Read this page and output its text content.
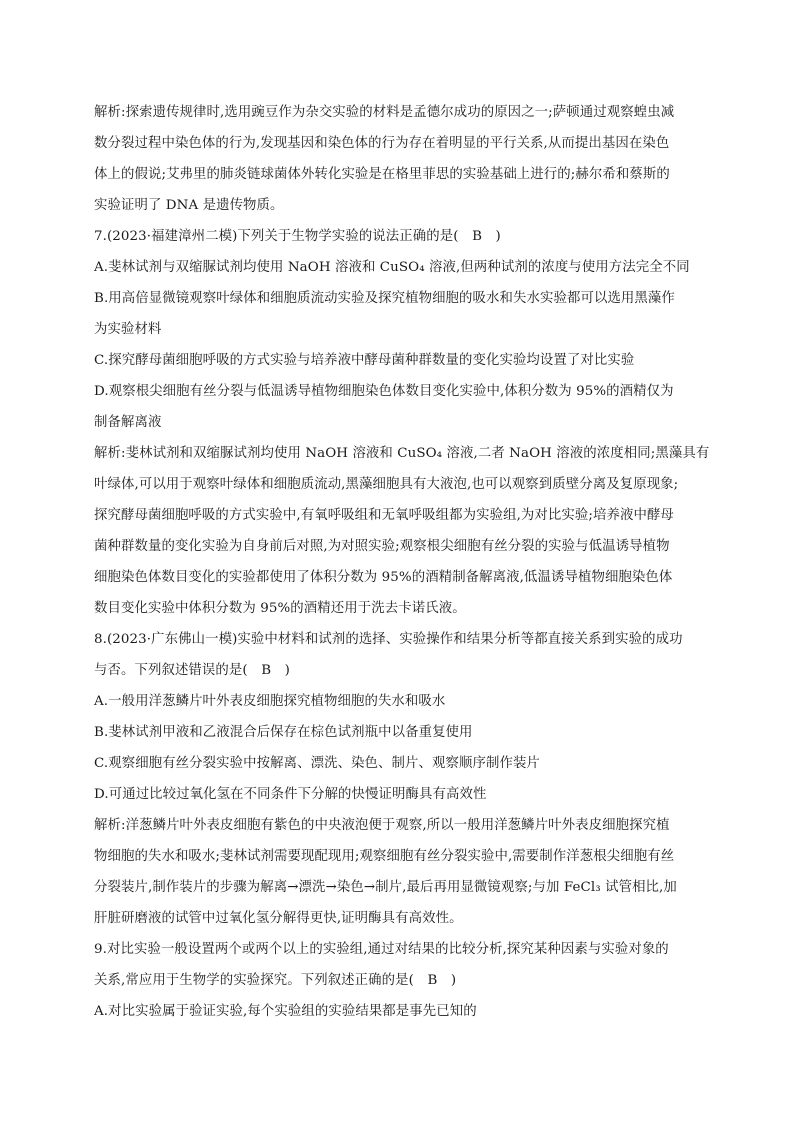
解析:探索遗传规律时,选用豌豆作为杂交实验的材料是孟德尔成功的原因之一;萨顿通过观察蝗虫减
数分裂过程中染色体的行为,发现基因和染色体的行为存在着明显的平行关系,从而提出基因在染色
体上的假说;艾弗里的肺炎链球菌体外转化实验是在格里菲思的实验基础上进行的;赫尔希和蔡斯的
实验证明了 DNA 是遗传物质。
7.(2023·福建漳州二模)下列关于生物学实验的说法正确的是(　B　)
A.斐林试剂与双缩脲试剂均使用 NaOH 溶液和 CuSO₄ 溶液,但两种试剂的浓度与使用方法完全不同
B.用高倍显微镜观察叶绿体和细胞质流动实验及探究植物细胞的吸水和失水实验都可以选用黑藻作
为实验材料
C.探究酵母菌细胞呼吸的方式实验与培养液中酵母菌种群数量的变化实验均设置了对比实验
D.观察根尖细胞有丝分裂与低温诱导植物细胞染色体数目变化实验中,体积分数为 95%的酒精仅为
制备解离液
解析:斐林试剂和双缩脲试剂均使用 NaOH 溶液和 CuSO₄ 溶液,二者 NaOH 溶液的浓度相同;黑藻具有
叶绿体,可以用于观察叶绿体和细胞质流动,黑藻细胞具有大液泡,也可以观察到质壁分离及复原现象;
探究酵母菌细胞呼吸的方式实验中,有氧呼吸组和无氧呼吸组都为实验组,为对比实验;培养液中酵母
菌种群数量的变化实验为自身前后对照,为对照实验;观察根尖细胞有丝分裂的实验与低温诱导植物
细胞染色体数目变化的实验都使用了体积分数为 95%的酒精制备解离液,低温诱导植物细胞染色体
数目变化实验中体积分数为 95%的酒精还用于洗去卡诺氏液。
8.(2023·广东佛山一模)实验中材料和试剂的选择、实验操作和结果分析等都直接关系到实验的成功
与否。下列叙述错误的是(　B　)
A.一般用洋葱鳞片叶外表皮细胞探究植物细胞的失水和吸水
B.斐林试剂甲液和乙液混合后保存在棕色试剂瓶中以备重复使用
C.观察细胞有丝分裂实验中按解离、漂洗、染色、制片、观察顺序制作装片
D.可通过比较过氧化氢在不同条件下分解的快慢证明酶具有高效性
解析:洋葱鳞片叶外表皮细胞有紫色的中央液泡便于观察,所以一般用洋葱鳞片叶外表皮细胞探究植
物细胞的失水和吸水;斐林试剂需要现配现用;观察细胞有丝分裂实验中,需要制作洋葱根尖细胞有丝
分裂装片,制作装片的步骤为解离→漂洗→染色→制片,最后再用显微镜观察;与加 FeCl₃ 试管相比,加
肝脏研磨液的试管中过氧化氢分解得更快,证明酶具有高效性。
9.对比实验一般设置两个或两个以上的实验组,通过对结果的比较分析,探究某种因素与实验对象的
关系,常应用于生物学的实验探究。下列叙述正确的是(　B　)
A.对比实验属于验证实验,每个实验组的实验结果都是事先已知的
